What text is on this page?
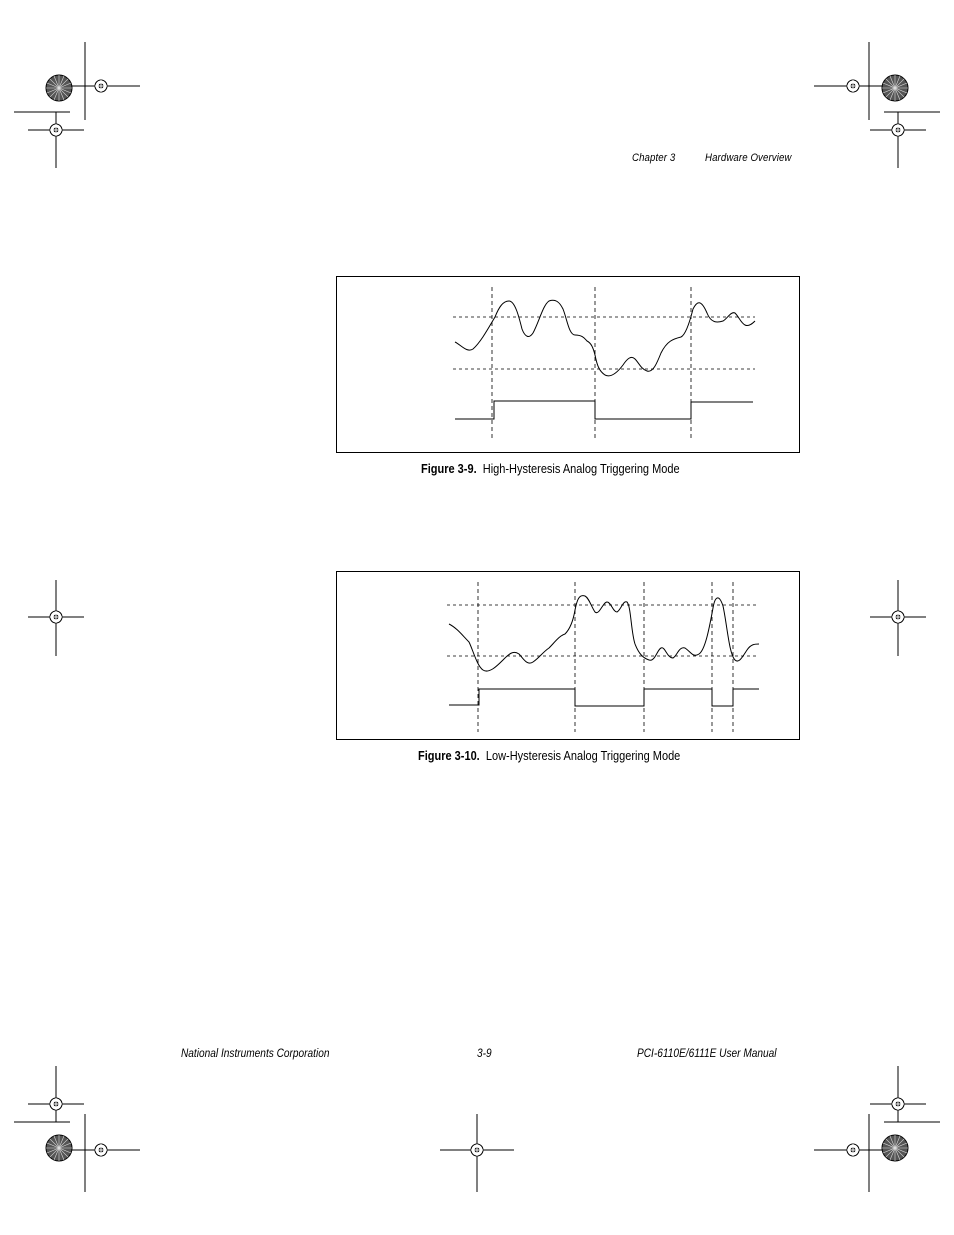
Chapter 3	Hardware Overview
Figure 3-9. High-Hysteresis Analog Triggering Mode
Figure 3-10. Low-Hysteresis Analog Triggering Mode
National Instruments Corporation	3-9	PCI-6110E/6111E User Manual
